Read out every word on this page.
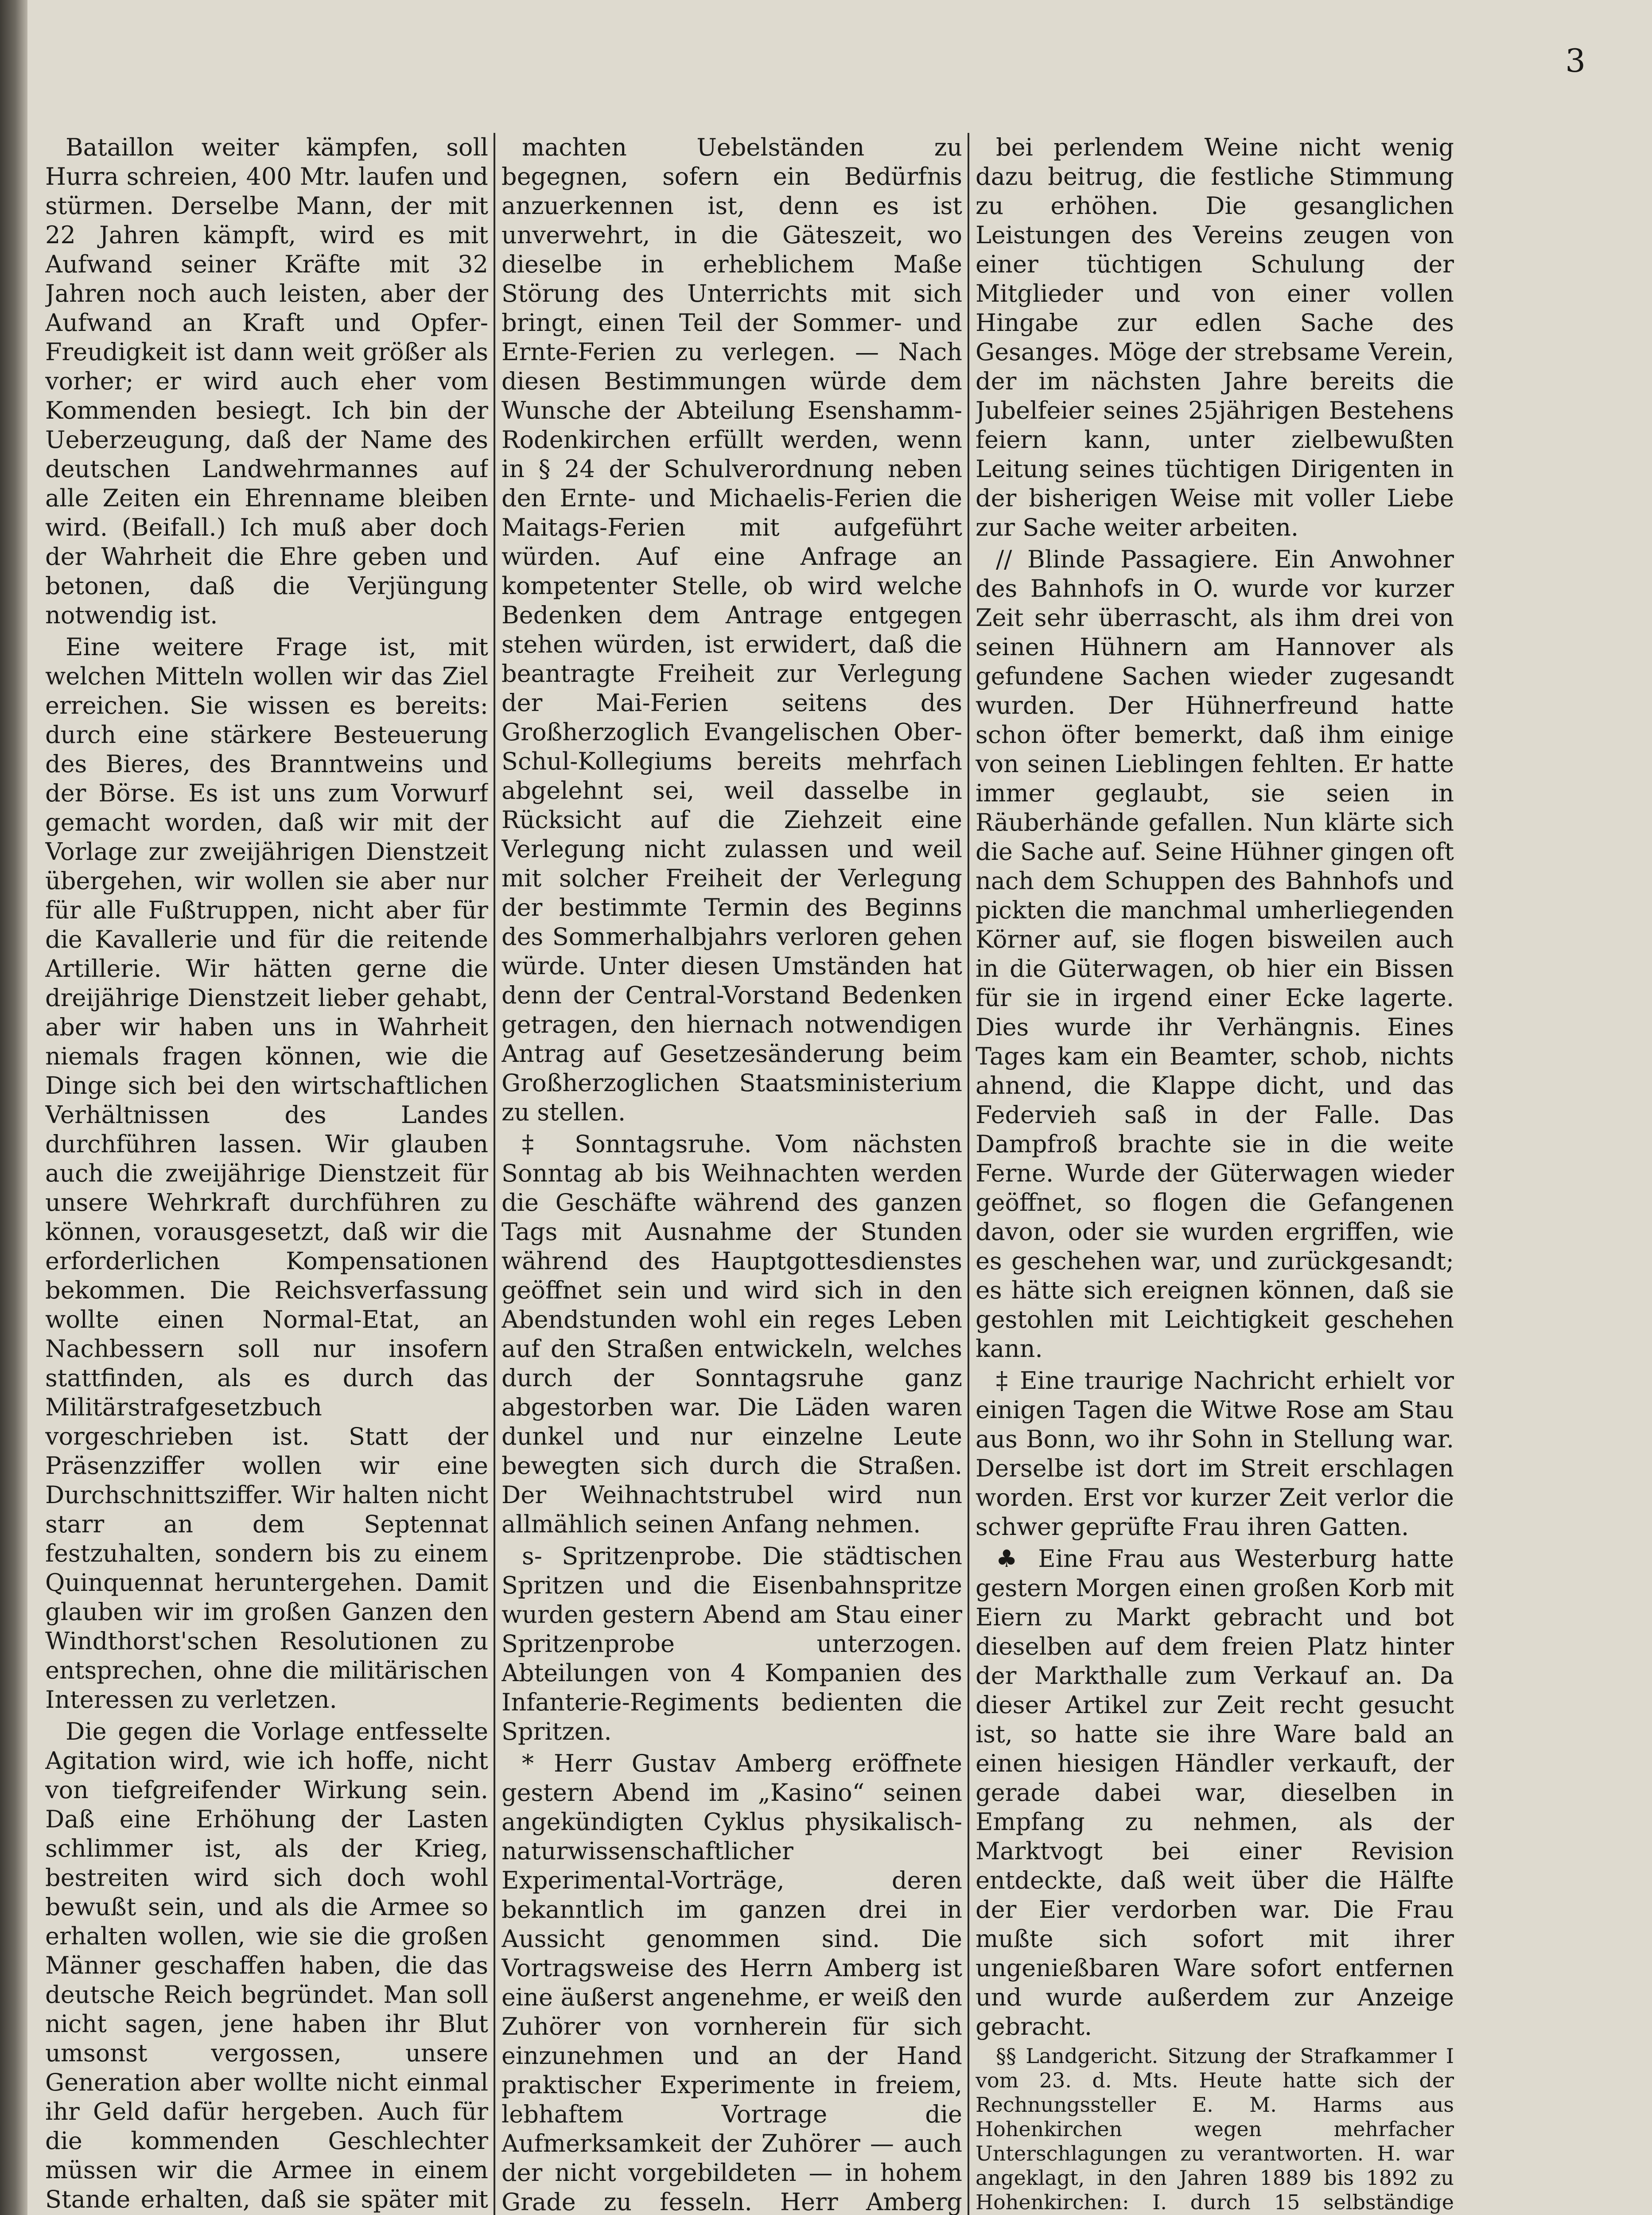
3

Bataillon weiter kämpfen, soll Hurra schreien, 400 Mtr. laufen und stürmen. Derselbe Mann, der mit 22 Jahren kämpft, wird es mit Aufwand seiner Kräfte mit 32 Jahren noch auch leisten, aber der Aufwand an Kraft und Opfer-Freudigkeit ist dann weit größer als vorher; er wird auch eher vom Kommenden besiegt. Ich bin der Ueberzeugung, daß der Name des deutschen Landwehrmannes auf alle Zeiten ein Ehrenname bleiben wird. (Beifall.) Ich muß aber doch der Wahrheit die Ehre geben und betonen, daß die Verjüngung notwendig ist.

Eine weitere Frage ist, mit welchen Mitteln wollen wir das Ziel erreichen. Sie wissen es bereits: durch eine stärkere Besteuerung des Bieres, des Branntweins und der Börse. Es ist uns zum Vorwurf gemacht worden, daß wir mit der Vorlage zur zweijährigen Dienstzeit übergehen, wir wollen sie aber nur für alle Fußtruppen, nicht aber für die Kavallerie und für die reitende Artillerie. Wir hätten gerne die dreijährige Dienstzeit lieber gehabt, aber wir haben uns in Wahrheit niemals fragen können, wie die Dinge sich bei den wirtschaftlichen Verhältnissen des Landes durchführen lassen. Wir glauben auch die zweijährige Dienstzeit für unsere Wehrkraft durchführen zu können, vorausgesetzt, daß wir die erforderlichen Kompensationen bekommen. Die Reichsverfassung wollte einen Normal-Etat, an Nachbessern soll nur insofern stattfinden, als es durch das Militärstrafgesetzbuch vorgeschrieben ist. Statt der Präsenzziffer wollen wir eine Durchschnittsziffer. Wir halten nicht starr an dem Septennat festzuhalten, sondern bis zu einem Quinquennat heruntergehen. Damit glauben wir im großen Ganzen den Windthorst'schen Resolutionen zu entsprechen, ohne die militärischen Interessen zu verletzen.

Die gegen die Vorlage entfesselte Agitation wird, wie ich hoffe, nicht von tiefgreifender Wirkung sein. Daß eine Erhöhung der Lasten schlimmer ist, als der Krieg, bestreiten wird sich doch wohl bewußt sein, und als die Armee so erhalten wollen, wie sie die großen Männer geschaffen haben, die das deutsche Reich begründet. Man soll nicht sagen, jene haben ihr Blut umsonst vergossen, unsere Generation aber wollte nicht einmal ihr Geld dafür hergeben. Auch für die kommenden Geschlechter müssen wir die Armee in einem Stande erhalten, daß sie später mit

machten Uebelständen zu begegnen, sofern ein Bedürfnis anzuerkennen ist, denn es ist unverwehrt, in die Gäteszeit, wo dieselbe in erheblichem Maße Störung des Unterrichts mit sich bringt, einen Teil der Sommer- und Ernte-Ferien zu verlegen. — Nach diesen Bestimmungen würde dem Wunsche der Abteilung Esenshamm-Rodenkirchen erfüllt werden, wenn in § 24 der Schulverordnung neben den Ernte- und Michaelis-Ferien die Maitags-Ferien mit aufgeführt würden. Auf eine Anfrage an kompetenter Stelle, ob wird welche Bedenken dem Antrage entgegen stehen würden, ist erwidert, daß die beantragte Freiheit zur Verlegung der Mai-Ferien seitens des Großherzoglich Evangelischen Ober-Schul-Kollegiums bereits mehrfach abgelehnt sei, weil dasselbe in Rücksicht auf die Ziehzeit eine Verlegung nicht zulassen und weil mit solcher Freiheit der Verlegung der bestimmte Termin des Beginns des Sommerhalbjahrs verloren gehen würde. Unter diesen Umständen hat denn der Central-Vorstand Bedenken getragen, den hiernach notwendigen Antrag auf Gesetzesänderung beim Großherzoglichen Staatsministerium zu stellen.

‡ Sonntagsruhe. Vom nächsten Sonntag ab bis Weihnachten werden die Geschäfte während des ganzen Tags mit Ausnahme der Stunden während des Hauptgottesdienstes geöffnet sein und wird sich in den Abendstunden wohl ein reges Leben auf den Straßen entwickeln, welches durch der Sonntagsruhe ganz abgestorben war. Die Läden waren dunkel und nur einzelne Leute bewegten sich durch die Straßen. Der Weihnachtstrubel wird nun allmählich seinen Anfang nehmen.

s- Spritzenprobe. Die städtischen Spritzen und die Eisenbahnspritze wurden gestern Abend am Stau einer Spritzenprobe unterzogen. Abteilungen von 4 Kompanien des Infanterie-Regiments bedienten die Spritzen.

* Herr Gustav Amberg eröffnete gestern Abend im „Kasino“ seinen angekündigten Cyklus physikalisch-naturwissenschaftlicher Experimental-Vorträge, deren bekanntlich im ganzen drei in Aussicht genommen sind. Die Vortragsweise des Herrn Amberg ist eine äußerst angenehme, er weiß den Zuhörer von vornherein für sich einzunehmen und an der Hand praktischer Experimente in freiem, lebhaftem Vortrage die Aufmerksamkeit der Zuhörer — auch der nicht vorgebildeten — in hohem Grade zu fesseln. Herr Amberg

bei perlendem Weine nicht wenig dazu beitrug, die festliche Stimmung zu erhöhen. Die gesanglichen Leistungen des Vereins zeugen von einer tüchtigen Schulung der Mitglieder und von einer vollen Hingabe zur edlen Sache des Gesanges. Möge der strebsame Verein, der im nächsten Jahre bereits die Jubelfeier seines 25jährigen Bestehens feiern kann, unter zielbewußten Leitung seines tüchtigen Dirigenten in der bisherigen Weise mit voller Liebe zur Sache weiter arbeiten.

// Blinde Passagiere. Ein Anwohner des Bahnhofs in O. wurde vor kurzer Zeit sehr überrascht, als ihm drei von seinen Hühnern am Hannover als gefundene Sachen wieder zugesandt wurden. Der Hühnerfreund hatte schon öfter bemerkt, daß ihm einige von seinen Lieblingen fehlten. Er hatte immer geglaubt, sie seien in Räuberhände gefallen. Nun klärte sich die Sache auf. Seine Hühner gingen oft nach dem Schuppen des Bahnhofs und pickten die manchmal umherliegenden Körner auf, sie flogen bisweilen auch in die Güterwagen, ob hier ein Bissen für sie in irgend einer Ecke lagerte. Dies wurde ihr Verhängnis. Eines Tages kam ein Beamter, schob, nichts ahnend, die Klappe dicht, und das Federvieh saß in der Falle. Das Dampfroß brachte sie in die weite Ferne. Wurde der Güterwagen wieder geöffnet, so flogen die Gefangenen davon, oder sie wurden ergriffen, wie es geschehen war, und zurückgesandt; es hätte sich ereignen können, daß sie gestohlen mit Leichtigkeit geschehen kann.

‡ Eine traurige Nachricht erhielt vor einigen Tagen die Witwe Rose am Stau aus Bonn, wo ihr Sohn in Stellung war. Derselbe ist dort im Streit erschlagen worden. Erst vor kurzer Zeit verlor die schwer geprüfte Frau ihren Gatten.

♣ Eine Frau aus Westerburg hatte gestern Morgen einen großen Korb mit Eiern zu Markt gebracht und bot dieselben auf dem freien Platz hinter der Markthalle zum Verkauf an. Da dieser Artikel zur Zeit recht gesucht ist, so hatte sie ihre Ware bald an einen hiesigen Händler verkauft, der gerade dabei war, dieselben in Empfang zu nehmen, als der Marktvogt bei einer Revision entdeckte, daß weit über die Hälfte der Eier verdorben war. Die Frau mußte sich sofort mit ihrer ungenießbaren Ware sofort entfernen und wurde außerdem zur Anzeige gebracht.

§§ Landgericht. Sitzung der Strafkammer I vom 23. d. Mts. Heute hatte sich der Rechnungssteller E. M. Harms aus Hohenkirchen wegen mehrfacher Unterschlagungen zu verantworten. H. war angeklagt, in den Jahren 1889 bis 1892 zu Hohenkirchen: I. durch 15 selbständige
